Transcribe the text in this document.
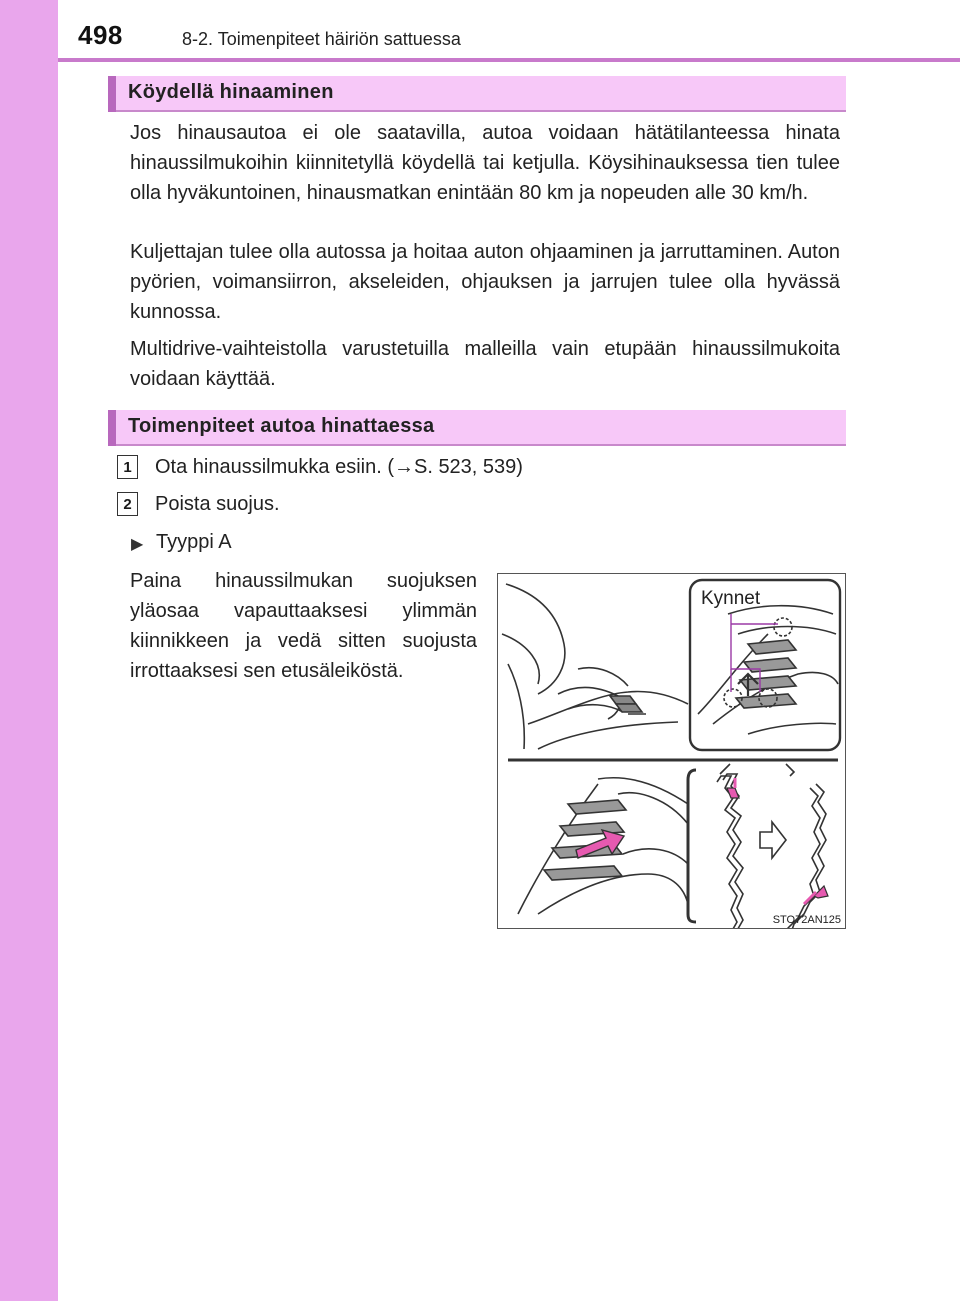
498	8-2. Toimenpiteet häiriön sattuessa
Köydellä hinaaminen

Jos hinausautoa ei ole saatavilla, autoa voidaan hätätilanteessa hinata hinaussilmukoihin kiinnitetyllä köydellä tai ketjulla. Köysihinauksessa tien tulee olla hyväkuntoinen, hinausmatkan enintään 80 km ja nopeuden alle 30 km/h.

Kuljettajan tulee olla autossa ja hoitaa auton ohjaaminen ja jarruttaminen. Auton pyörien, voimansiirron, akseleiden, ohjauksen ja jarrujen tulee olla hyvässä kunnossa.

Multidrive-vaihteistolla varustetuilla malleilla vain etupään hinaussilmukoita voidaan käyttää.

Toimenpiteet autoa hinattaessa
1	Ota hinaussilmukka esiin. (→S. 523, 539)
2	Poista suojus.
▶ Tyyppi A

Paina hinaussilmukan suojuksen yläosaa vapauttaaksesi ylimmän kiinnikkeen ja vedä sitten suojusta irrottaaksesi sen etusäleiköstä.

Kynnet
STO72AN125
